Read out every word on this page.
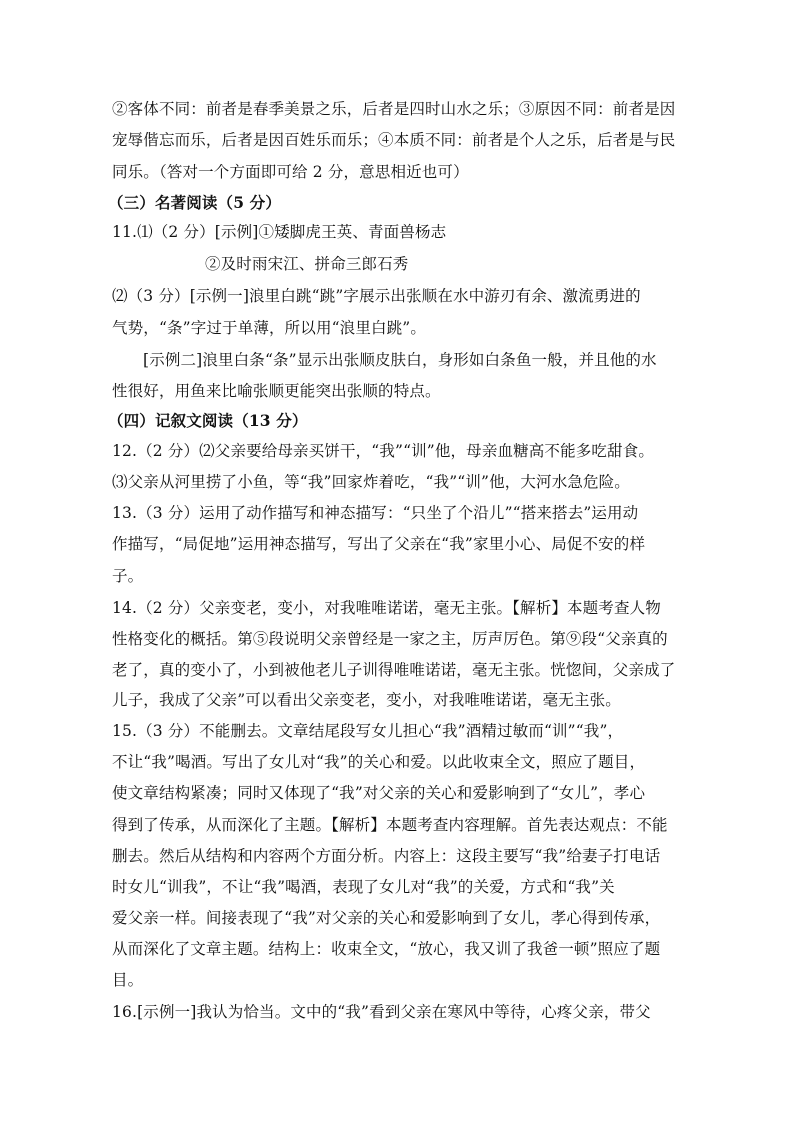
②客体不同：前者是春季美景之乐，后者是四时山水之乐；③原因不同：前者是因
宠辱偕忘而乐，后者是因百姓乐而乐；④本质不同：前者是个人之乐，后者是与民
同乐。（答对一个方面即可给 2 分，意思相近也可）
（三）名著阅读（5 分）
11.⑴（2 分）[示例]①矮脚虎王英、青面兽杨志
②及时雨宋江、拼命三郎石秀
⑵（3 分）[示例一]浪里白跳“跳”字展示出张顺在水中游刃有余、激流勇进的
气势，“条”字过于单薄，所以用“浪里白跳”。
[示例二]浪里白条“条”显示出张顺皮肤白，身形如白条鱼一般，并且他的水
性很好，用鱼来比喻张顺更能突出张顺的特点。
（四）记叙文阅读（13 分）
12.（2 分）⑵父亲要给母亲买饼干，“我”“训”他，母亲血糖高不能多吃甜食。
⑶父亲从河里捞了小鱼，等“我”回家炸着吃，“我”“训”他，大河水急危险。
13.（3 分）运用了动作描写和神态描写：“只坐了个沿儿”“搭来搭去”运用动
作描写，“局促地”运用神态描写，写出了父亲在“我”家里小心、局促不安的样
子。
14.（2 分）父亲变老，变小，对我唯唯诺诺，毫无主张。【解析】本题考查人物
性格变化的概括。第⑤段说明父亲曾经是一家之主，厉声厉色。第⑨段“父亲真的
老了，真的变小了，小到被他老儿子训得唯唯诺诺，毫无主张。恍惚间，父亲成了
儿子，我成了父亲”可以看出父亲变老，变小，对我唯唯诺诺，毫无主张。
15.（3 分）不能删去。文章结尾段写女儿担心“我”酒精过敏而“训”“我”，
不让“我”喝酒。写出了女儿对“我”的关心和爱。以此收束全文，照应了题目，
使文章结构紧凑；同时又体现了“我”对父亲的关心和爱影响到了“女儿”，孝心
得到了传承，从而深化了主题。【解析】本题考查内容理解。首先表达观点：不能
删去。然后从结构和内容两个方面分析。内容上：这段主要写“我”给妻子打电话
时女儿“训我”，不让“我”喝酒，表现了女儿对“我”的关爱，方式和“我”关
爱父亲一样。间接表现了“我”对父亲的关心和爱影响到了女儿，孝心得到传承，
从而深化了文章主题。结构上：收束全文，“放心，我又训了我爸一顿”照应了题
目。
16.[示例一]我认为恰当。文中的“我”看到父亲在寒风中等待，心疼父亲，带父
